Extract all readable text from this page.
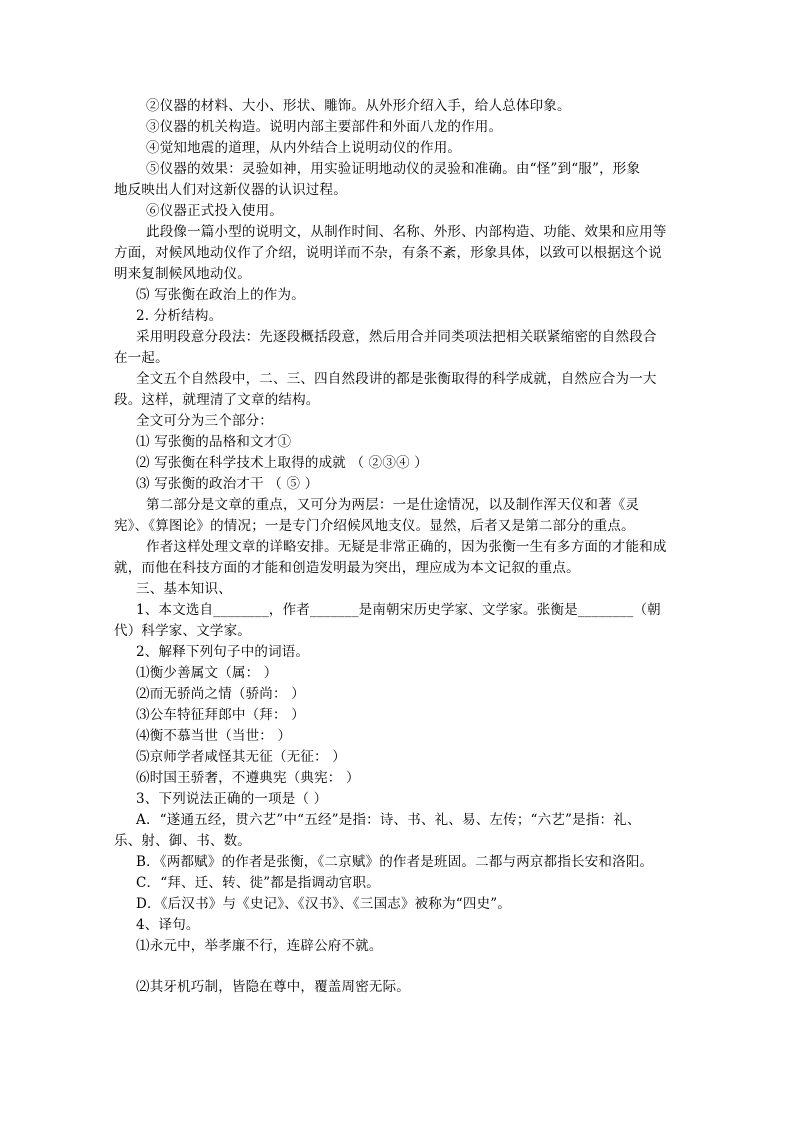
②仪器的材料、大小、形状、雕饰。从外形介绍入手，给人总体印象。
③仪器的机关构造。说明内部主要部件和外面八龙的作用。
④觉知地震的道理，从内外结合上说明动仪的作用。
⑤仪器的效果：灵验如神，用实验证明地动仪的灵验和准确。由“怪”到“服”，形象
地反映出人们对这新仪器的认识过程。
⑥仪器正式投入使用。
此段像一篇小型的说明文，从制作时间、名称、外形、内部构造、功能、效果和应用等
方面，对候风地动仪作了介绍，说明详而不杂，有条不紊，形象具体，以致可以根据这个说
明来复制候风地动仪。
⑸ 写张衡在政治上的作为。
2. 分析结构。
采用明段意分段法：先逐段概括段意，然后用合并同类项法把相关联紧缩密的自然段合
在一起。
全文五个自然段中，二、三、四自然段讲的都是张衡取得的科学成就，自然应合为一大
段。这样，就理清了文章的结构。
全文可分为三个部分：
⑴ 写张衡的品格和文才①
⑵ 写张衡在科学技术上取得的成就 （ ②③④ ）
⑶ 写张衡的政治才干 （ ⑤ ）
第二部分是文章的重点，又可分为两层：一是仕途情况，以及制作浑天仪和著《灵
宪》、《算图论》的情况；一是专门介绍候风地支仪。显然，后者又是第二部分的重点。
作者这样处理文章的详略安排。无疑是非常正确的，因为张衡一生有多方面的才能和成
就，而他在科技方面的才能和创造发明最为突出，理应成为本文记叙的重点。
三、基本知识、
1、本文选自________，作者_______是南朝宋历史学家、文学家。张衡是________（朝
代）科学家、文学家。
2、解释下列句子中的词语。
⑴衡少善属文（属： ）
⑵而无骄尚之情（骄尚： ）
⑶公车特征拜郎中（拜： ）
⑷衡不慕当世（当世： ）
⑸京师学者咸怪其无征（无征： ）
⑹时国王骄奢，不遵典宪（典宪： ）
3、下列说法正确的一项是（ ）
A．“遂通五经，贯六艺”中“五经”是指：诗、书、礼、易、左传；“六艺”是指：礼、
乐、射、御、书、数。
B．《两都赋》的作者是张衡，《二京赋》的作者是班固。二都与两京都指长安和洛阳。
C．“拜、迁、转、徙”都是指调动官职。
D．《后汉书》与《史记》、《汉书》、《三国志》被称为“四史”。
4、译句。
⑴永元中，举孝廉不行，连辟公府不就。
⑵其牙机巧制，皆隐在尊中，覆盖周密无际。
